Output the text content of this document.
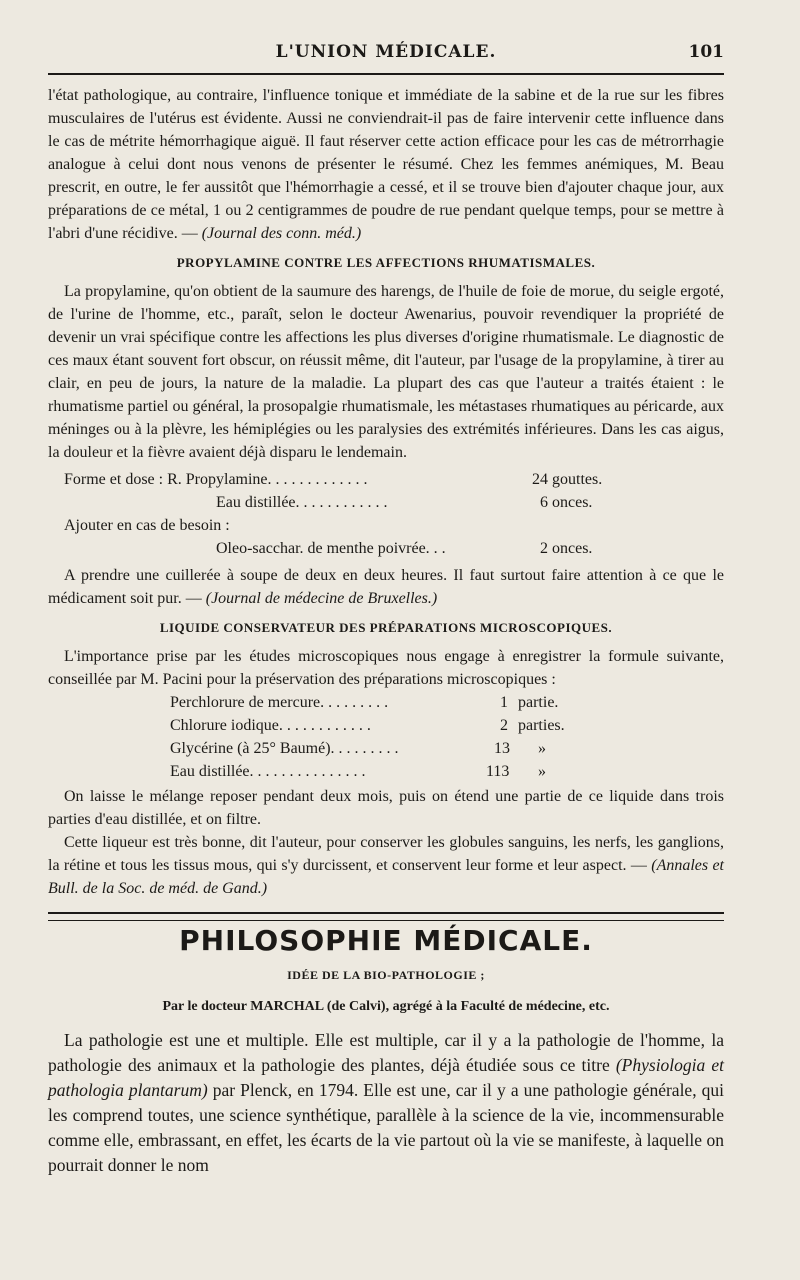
L'UNION MÉDICALE.	101

l'état pathologique, au contraire, l'influence tonique et immédiate de la sabine et de la rue sur les fibres musculaires de l'utérus est évidente. Aussi ne conviendrait-il pas de faire intervenir cette influence dans le cas de métrite hémorrhagique aiguë. Il faut réserver cette action efficace pour les cas de métrorrhagie analogue à celui dont nous venons de présenter le résumé. Chez les femmes anémiques, M. Beau prescrit, en outre, le fer aussitôt que l'hémorrhagie a cessé, et il se trouve bien d'ajouter chaque jour, aux préparations de ce métal, 1 ou 2 centigrammes de poudre de rue pendant quelque temps, pour se mettre à l'abri d'une récidive. — (Journal des conn. méd.)

PROPYLAMINE CONTRE LES AFFECTIONS RHUMATISMALES.

La propylamine, qu'on obtient de la saumure des harengs, de l'huile de foie de morue, du seigle ergoté, de l'urine de l'homme, etc., paraît, selon le docteur Awenarius, pouvoir revendiquer la propriété de devenir un vrai spécifique contre les affections les plus diverses d'origine rhumatismale. Le diagnostic de ces maux étant souvent fort obscur, on réussit même, dit l'auteur, par l'usage de la propylamine, à tirer au clair, en peu de jours, la nature de la maladie. La plupart des cas que l'auteur a traités étaient : le rhumatisme partiel ou général, la prosopalgie rhumatismale, les métastases rhumatiques au péricarde, aux méninges ou à la plèvre, les hémiplégies ou les paralysies des extrémités inférieures. Dans les cas aigus, la douleur et la fièvre avaient déjà disparu le lendemain.

Forme et dose : R. Propylamine. . . . . . . . . . . . .	24 gouttes.
Eau distillée. . . . . . . . . . . .	6 onces.
Ajouter en cas de besoin :
Oleo-sacchar. de menthe poivrée. . .	2 onces.

A prendre une cuillerée à soupe de deux en deux heures. Il faut surtout faire attention à ce que le médicament soit pur. — (Journal de médecine de Bruxelles.)

LIQUIDE CONSERVATEUR DES PRÉPARATIONS MICROSCOPIQUES.

L'importance prise par les études microscopiques nous engage à enregistrer la formule suivante, conseillée par M. Pacini pour la préservation des préparations microscopiques :

Perchlorure de mercure. . . . . . . . .	1 partie.
Chlorure iodique. . . . . . . . . . . .	2 parties.
Glycérine (à 25° Baumé). . . . . . . . .	13 »
Eau distillée. . . . . . . . . . . . . . .	113 »

On laisse le mélange reposer pendant deux mois, puis on étend une partie de ce liquide dans trois parties d'eau distillée, et on filtre.

Cette liqueur est très bonne, dit l'auteur, pour conserver les globules sanguins, les nerfs, les ganglions, la rétine et tous les tissus mous, qui s'y durcissent, et conservent leur forme et leur aspect. — (Annales et Bull. de la Soc. de méd. de Gand.)

PHILOSOPHIE MÉDICALE.
IDÉE DE LA BIO-PATHOLOGIE ;
Par le docteur MARCHAL (de Calvi), agrégé à la Faculté de médecine, etc.

La pathologie est une et multiple. Elle est multiple, car il y a la pathologie de l'homme, la pathologie des animaux et la pathologie des plantes, déjà étudiée sous ce titre (Physiologia et pathologia plantarum) par Plenck, en 1794. Elle est une, car il y a une pathologie générale, qui les comprend toutes, une science synthétique, parallèle à la science de la vie, incommensurable comme elle, embrassant, en effet, les écarts de la vie partout où la vie se manifeste, à laquelle on pourrait donner le nom
